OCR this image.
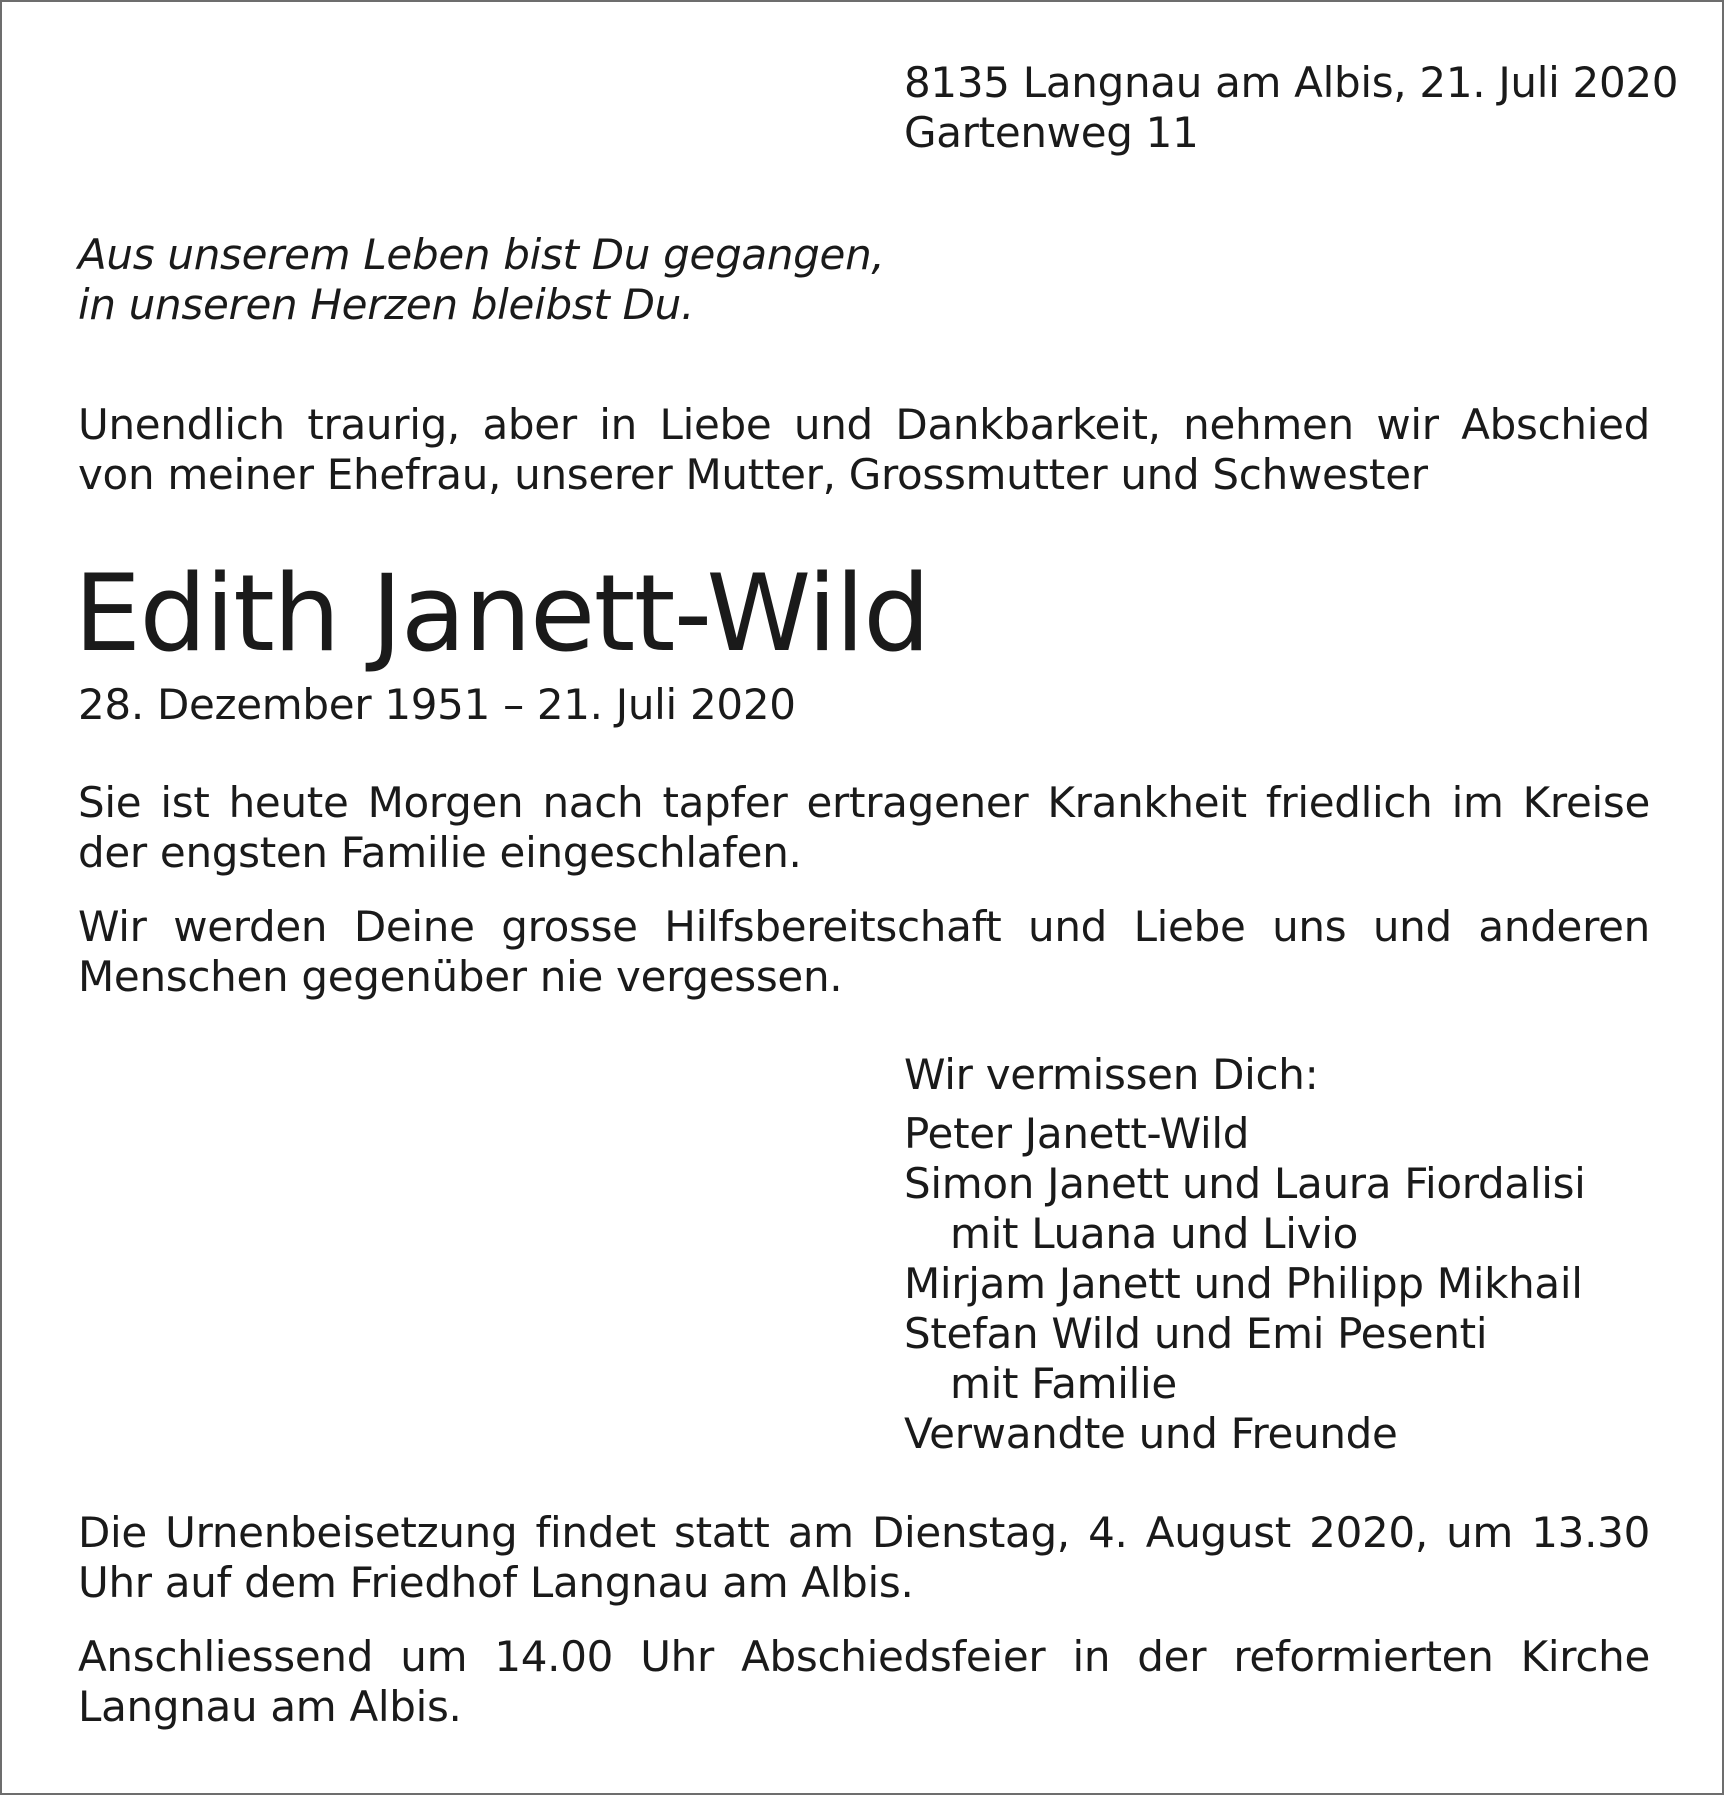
8135 Langnau am Albis, 21. Juli 2020
Gartenweg 11
Aus unserem Leben bist Du gegangen,
in unseren Herzen bleibst Du.
Unendlich traurig, aber in Liebe und Dankbarkeit, nehmen wir Abschied von meiner Ehefrau, unserer Mutter, Grossmutter und Schwester
Edith Janett-Wild
28. Dezember 1951 – 21. Juli 2020
Sie ist heute Morgen nach tapfer ertragener Krankheit friedlich im Kreise der engsten Familie eingeschlafen.
Wir werden Deine grosse Hilfsbereitschaft und Liebe uns und anderen Menschen gegenüber nie vergessen.
Wir vermissen Dich:
Peter Janett-Wild
Simon Janett und Laura Fiordalisi
mit Luana und Livio
Mirjam Janett und Philipp Mikhail
Stefan Wild und Emi Pesenti
mit Familie
Verwandte und Freunde
Die Urnenbeisetzung findet statt am Dienstag, 4. August 2020, um 13.30 Uhr auf dem Friedhof Langnau am Albis.
Anschliessend um 14.00 Uhr Abschiedsfeier in der reformierten Kirche Langnau am Albis.
